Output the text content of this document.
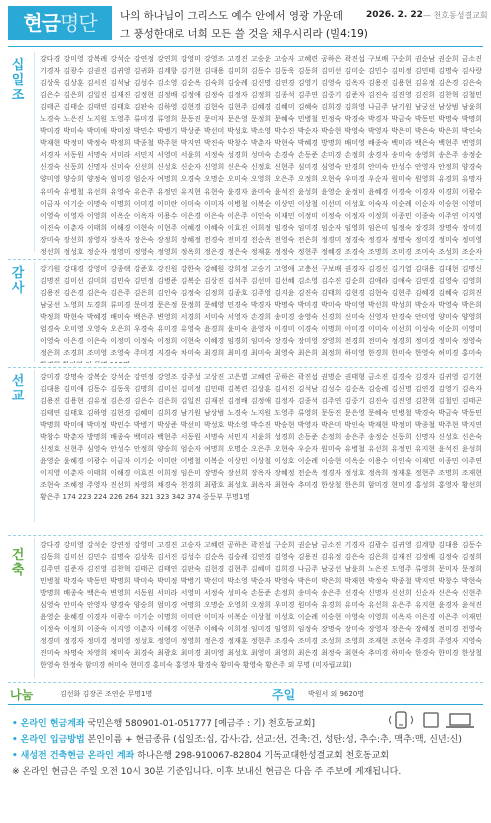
현금명단	나의 하나님이 그리스도 예수 안에서 영광 가운데
그 풍성한대로 너희 모든 쓸 것을 채우시리라 (빌4:19)
2026. 2. 22 — 천호동성결교회
십
일
조
강다경 강미영 강복례 강석순 강연정 강연희 강영미 강영조 고경진 고승운 고승자 고혜련 공하은 곽진섭 구보배 구순희 권순남 권순희 금소진 기경자 김광수 김권진 김귀영 김귀화 김계향 김기현 김대용 김미희 김동수 김동욱 김동희 김미선 김미순 김민수 김미정 김민태 김명숙 김사랑 김상욱 김상훈 김서진 김석남 김성수 김소영 김순옥 김숙희 김승례 김신명 김연경 김영기 김영숙 김옥자 김용진 김용현 김유정 김은경 김은숙 김은수 김은희 김일진 김재진 김정현 김정배 김정애 김정숙 김정자 김정희 김종석 김주연 김중기 김준자 김진숙 김진영 김진희 김찬혁 김철민 김태곤 김태순 김태연 김태호 김판숙 김하영 김현경 김현숙 김현주 김혜경 김혜미 김혜숙 김희경 김희영 나금주 남기원 남궁선 남상범 남윤희 노경숙 노은진 노지원 도영주 류미경 류영희 문동진 문미자 문은영 문정희 문혜숙 민병철 민정숙 박경숙 박경자 박금숙 박동민 박명숙 박명희 박미경 박미숙 박미애 박미정 박민수 박병기 박상준 박선미 박성호 박소영 박수진 박순자 박승현 박영숙 박영자 박은미 박은숙 박은희 박인숙 박재현 박정미 박정숙 박정희 박종철 박주현 박지연 박진숙 박창수 박춘자 박현숙 박혜경 방명희 배미영 배종숙 백미라 백은숙 백현주 변영희 서경자 서동원 서명숙 서미라 서민지 서영미 서윤희 서정숙 성경희 성미숙 손경숙 손동준 손미경 손정희 송경자 송미숙 송영희 송은주 송정순 신경숙 신동희 신명자 신미숙 신선희 신성호 신순자 신영희 신은숙 신정호 신현주 심미경 심영숙 안경희 안미숙 안성수 안영자 안정희 양경숙 양미영 양승희 양정숙 엄미경 엄순자 여명희 오경숙 오명순 오미숙 오영희 오은주 오정희 오현숙 우미경 우순자 원미숙 원영희 유경희 유명자 유미숙 유병철 유선희 유영숙 유은주 유정민 유지현 유현숙 윤경자 윤미숙 윤석진 윤성희 윤영순 윤정미 윤혜경 이경숙 이경자 이경희 이광수 이금자 이기순 이명숙 이명희 이미경 이미란 이미숙 이미자 이병철 이복순 이상민 이상철 이선미 이성호 이숙자 이순례 이순자 이승현 이영미 이영숙 이영자 이영희 이옥순 이옥자 이용수 이은경 이은숙 이은주 이인숙 이재민 이정미 이정숙 이정자 이정희 이종민 이종숙 이주연 이지영 이진숙 이춘자 이태희 이해경 이현숙 이현주 이혜경 이혜숙 이효진 이희정 임경숙 임미경 임순자 임영희 임은미 임정숙 장경희 장명숙 장미경 장미숙 장선희 장영자 장옥자 장은숙 장정희 장혜정 전경숙 전미경 전순옥 전영숙 전은희 정경미 정경숙 정경자 정명숙 정미경 정미숙 정미영 정선희 정성호 정순자 정영미 정영숙 정영희 정옥희 정은경 정은숙 정재훈 정정숙 정현주 정혜경 조경숙 조명희 조미경 조미숙 조성희 조순자
감
사
강기원 강대경 강영미 강종택 강준호 강진원 강한숙 강혜원 강희정 고승기 고영애 고충선 구보배 권경자 김경신 김기열 김대용 김대현 김명신 김명진 김미선 김미희 김민숙 김민정 김병준 김복순 김상진 김석주 김선미 김선혜 김소영 김수진 김순희 김애라 김애숙 김연경 김영숙 김영희 김용진 김은경 김은숙 김은주 김은희 김인숙 김정숙 김정희 김종호 김주영 김지윤 김진숙 김태희 김현경 김현숙 김현주 김혜경 김혜숙 김희진 남궁선 노영희 도경희 류미경 문미경 문은정 문정희 문혜영 민경숙 박경자 박명숙 박미경 박미숙 박미영 박선희 박성희 박순자 박영숙 박은희 박정희 박현숙 박혜경 배미숙 백은주 변영희 서경희 서미숙 서영자 손경희 송미경 송영숙 신경희 신미숙 신영자 안경숙 안미영 양미숙 양영희 엄경숙 오미영 오영숙 오은희 우경숙 유미경 유영숙 윤경희 윤미숙 윤영자 이경미 이경숙 이명희 이미경 이미숙 이선희 이성숙 이순희 이영미 이영숙 이은경 이은숙 이정미 이정숙 이정희 이현숙 이혜경 임경희 임미숙 장경숙 장미영 장영희 전경희 전미숙 정경희 정미경 정미숙 정영숙 정은희 조경희 조미영 조영숙 주미경 지경숙 차미숙 최경희 최미경 최미숙 최영숙 최은희 최정희 하미영 한경희 한미숙 한영숙 허미경 홍미숙
선
교
강미경 강명숙 강복순 강석순 강연정 강영조 강주성 고상진 고은별 고혜련 공하은 곽진섭 권명순 권태형 금소진 김경숙 김경자 김귀영 김기현 김대용 김미애 김동수 김동욱 김명희 김미선 김미정 김민태 김복련 김상훈 김서진 김석남 김성수 김순옥 김승례 김신명 김연경 김영기 김옥자 김용진 김용현 김유정 김은경 김은수 김은희 김일진 김재진 김정배 김정애 김정자 김종석 김주연 김중기 김진숙 김진영 김찬혁 김철민 김태곤 김태연 김태호 김하영 김현경 김혜미 김희경 남기원 남상범 노경숙 노지원 도영주 류영희 문동진 문은영 문혜숙 민병철 박경숙 박금숙 박동민 박명희 박미애 박미정 박민수 박병기 박상준 박선미 박성호 박소영 박수진 박승현 박영자 박은미 박인숙 박재현 박정미 박종철 박주현 박지연 박창수 박춘자 방명희 배종숙 백미라 백현주 서동원 서명숙 서민지 서윤희 성경희 손동준 손정희 송은주 송정순 신동희 신명자 신성호 신은숙 신정호 신현주 심영숙 안성수 안정희 양승희 엄순자 여명희 오명순 오은주 오현숙 우순자 원미숙 유병철 유선희 유정민 유지현 윤석진 윤성희 윤영순 윤혜경 이광수 이금자 이기순 이미란 이병철 이복순 이상민 이상철 이성호 이순례 이승현 이옥순 이용수 이인숙 이재민 이종민 이주연 이지영 이춘자 이태희 이해경 이효진 이희정 임은미 장명숙 장선희 장옥자 장혜정 전순옥 정경자 정성호 정옥희 정재훈 정현주 조명희 조재현 조현숙 조혜정 주영자 진선희 차영희 채경숙 천경희 최광호 최성호 최옥자 최현숙 추미경 한상철 한은희 함미경 현미경 홍성희 홍영자 황선희 황은주 174 223 224 226 264 321 323 342 374 중등부 무명1명
건
축
강다경 강미영 강석순 강연정 강영미 고경진 고승자 고혜련 공하은 곽진섭 구순희 권순남 금소진 기경자 김광수 김귀영 김계향 김대용 김동수 김동희 김미선 김민수 김명숙 김상욱 김서진 김성수 김순옥 김승례 김연경 김영숙 김용진 김유정 김은숙 김은희 김재진 김정배 김정숙 김정희 김주연 김준자 김진영 김찬혁 김태곤 김태연 김판숙 김현경 김현주 김혜미 김희경 나금주 남궁선 남윤희 노은진 도영주 류영희 문미자 문정희 민병철 박경숙 박동민 박명희 박미숙 박미정 박병기 박선미 박소영 박순자 박영숙 박은미 박은희 박재현 박정숙 박종철 박지연 박창수 박현숙 방명희 배종숙 백은숙 변영희 서동원 서미라 서영미 서정숙 성미숙 손동준 손정희 송미숙 송은주 신경숙 신명자 신선희 신순자 신은숙 신현주 심영숙 안미숙 안영자 양경숙 양승희 엄미경 여명희 오명순 오영희 오정희 우미경 원미숙 유경희 유미숙 유선희 유은주 유지현 윤경자 윤석진 윤영순 윤혜경 이경자 이광수 이기순 이명희 이미란 이미자 이복순 이상철 이성호 이순례 이승현 이영숙 이영희 이옥자 이은경 이은주 이재민 이정숙 이정희 이종숙 이지영 이춘자 이해경 이현주 이혜숙 이희정 임미경 임영희 임정숙 장명숙 장미숙 장영자 장은숙 장혜정 전미경 전영숙 정경미 정경자 정미경 정미영 정성호 정영미 정영희 정은경 정재훈 정현주 조경숙 조미경 조성희 조영희 조재현 조현숙 주경희 주영자 지영숙 진미숙 차명숙 차영희 채미숙 최경숙 최광호 최미경 최미영 최성호 최영미 최영희 최은경 최정숙 최현숙 추미경 하미숙 한경숙 한미경 한상철 한영숙 한정숙 함미경 허미숙 현미경 홍미숙 홍영자 황경숙 황미숙 황영숙 황은주 외 무명 (미자립교회)
나눔	김선화 김장곤 조연순 무명1명	주일 박원서 외 9620명
• 온라인 현금계좌 국민은행 580901-01-051777 [예금주 : 기) 천호동교회]
• 온라인 입금방법 본인이름 + 현금종류 (십일조:십, 감사:감, 선교:선, 건축:건, 성탄:성, 추수:추, 맥추:맥, 신년:신)
• 새성전 건축현금 온라인 계좌 하나은행 298-910067-82804 기독교대한성결교회 천호동교회
※ 온라인 현금은 주일 오전 10시 30분 기준입니다. 이후 보내신 현금은 다음 주 주보에 게재됩니다.
